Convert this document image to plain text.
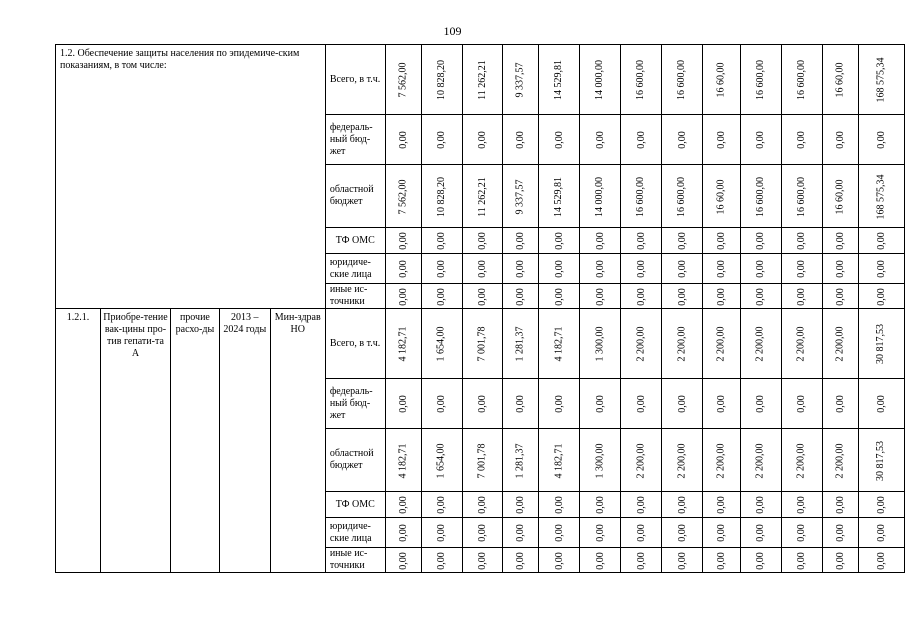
109
1.2. Обеспечение защиты населения по эпидемиче-ским показаниям, в том числе:					Всего, в т.ч.	7 562,00	10 828,20	11 262,21	9 337,57	14 529,81	14 000,00	16 600,00	16 600,00	16 60,00	16 600,00	16 600,00	16 60,00	168 575,34
					федераль-ный бюд-жет	0,00	0,00	0,00	0,00	0,00	0,00	0,00	0,00	0,00	0,00	0,00	0,00	0,00
					областной бюджет	7 562,00	10 828,20	11 262,21	9 337,57	14 529,81	14 000,00	16 600,00	16 600,00	16 60,00	16 600,00	16 600,00	16 60,00	168 575,34
					ТФ ОМС	0,00	0,00	0,00	0,00	0,00	0,00	0,00	0,00	0,00	0,00	0,00	0,00	0,00
					юридиче-ские лица	0,00	0,00	0,00	0,00	0,00	0,00	0,00	0,00	0,00	0,00	0,00	0,00	0,00
					иные ис-точники	0,00	0,00	0,00	0,00	0,00	0,00	0,00	0,00	0,00	0,00	0,00	0,00	0,00
1.2.1.	Приобре-тение вак-цины про-тив гепати-та А	прочие расхо-ды	2013 – 2024 годы	Мин-здрав НО	Всего, в т.ч.	4 182,71	1 654,00	7 001,78	1 281,37	4 182,71	1 300,00	2 200,00	2 200,00	2 200,00	2 200,00	2 200,00	2 200,00	30 817,53
					федераль-ный бюд-жет	0,00	0,00	0,00	0,00	0,00	0,00	0,00	0,00	0,00	0,00	0,00	0,00	0,00
					областной бюджет	4 182,71	1 654,00	7 001,78	1 281,37	4 182,71	1 300,00	2 200,00	2 200,00	2 200,00	2 200,00	2 200,00	2 200,00	30 817,53
					ТФ ОМС	0,00	0,00	0,00	0,00	0,00	0,00	0,00	0,00	0,00	0,00	0,00	0,00	0,00
					юридиче-ские лица	0,00	0,00	0,00	0,00	0,00	0,00	0,00	0,00	0,00	0,00	0,00	0,00	0,00
					иные ис-точники	0,00	0,00	0,00	0,00	0,00	0,00	0,00	0,00	0,00	0,00	0,00	0,00	0,00
